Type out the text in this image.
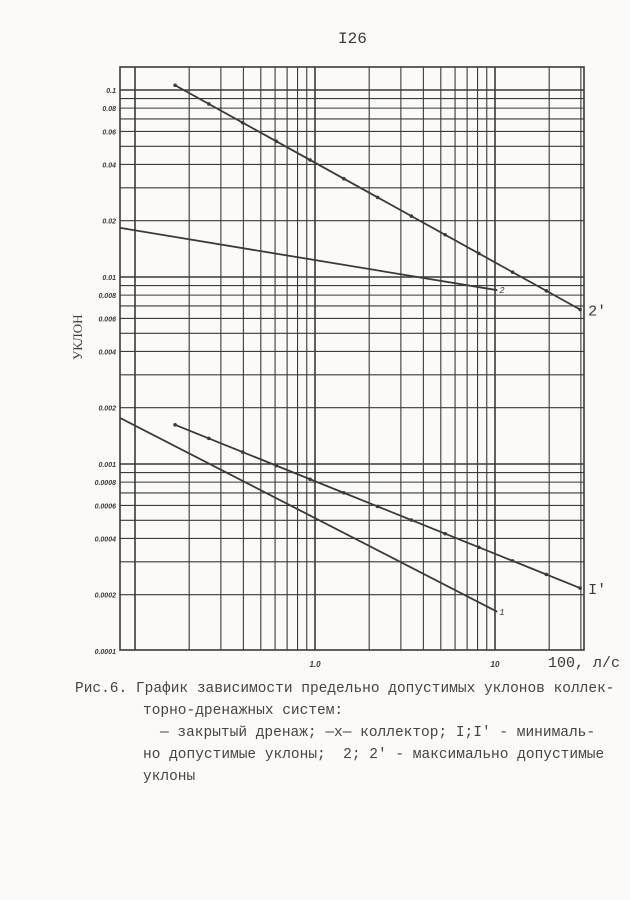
I26
УКЛОН
0.1
0.08
0.06
0.04
0.02
0.01
0.008
0.006
0.004
0.002
0.001
0.0008
0.0006
0.0004
0.0002
0.0001
1.0	10	100, л/с
2'
2
I'
1
Рис.6. График зависимости предельно допустимых уклонов коллек-
торно-дренажных систем:
— закрытый дренаж; —x— коллектор; I;I' - минималь-
но допустимые уклоны;  2; 2' - максимально допустимые
уклоны
